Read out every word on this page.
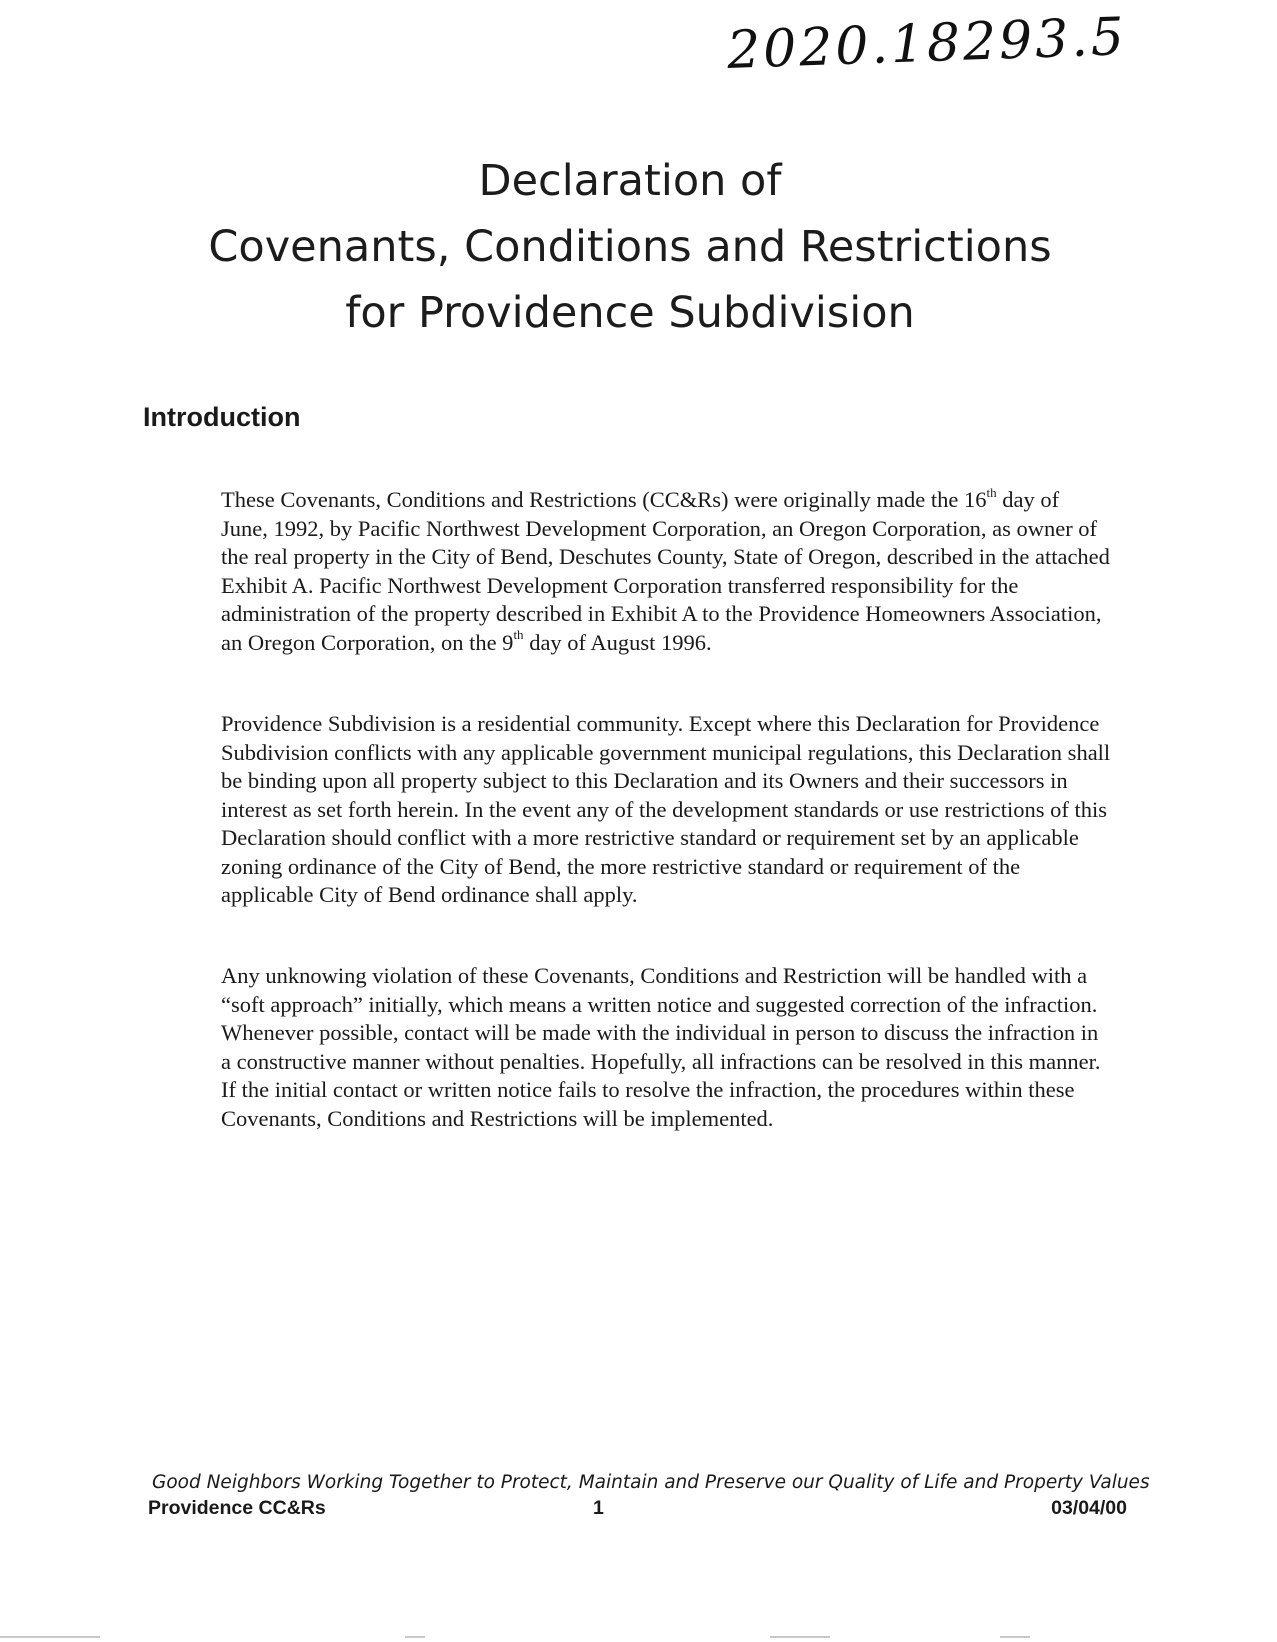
2020.18293.5
Declaration of
Covenants, Conditions and Restrictions
for Providence Subdivision
Introduction

These Covenants, Conditions and Restrictions (CC&Rs) were originally made the 16th day of June, 1992, by Pacific Northwest Development Corporation, an Oregon Corporation, as owner of the real property in the City of Bend, Deschutes County, State of Oregon, described in the attached Exhibit A. Pacific Northwest Development Corporation transferred responsibility for the administration of the property described in Exhibit A to the Providence Homeowners Association, an Oregon Corporation, on the 9th day of August 1996.

Providence Subdivision is a residential community. Except where this Declaration for Providence Subdivision conflicts with any applicable government municipal regulations, this Declaration shall be binding upon all property subject to this Declaration and its Owners and their successors in interest as set forth herein. In the event any of the development standards or use restrictions of this Declaration should conflict with a more restrictive standard or requirement set by an applicable zoning ordinance of the City of Bend, the more restrictive standard or requirement of the applicable City of Bend ordinance shall apply.

Any unknowing violation of these Covenants, Conditions and Restriction will be handled with a “soft approach” initially, which means a written notice and suggested correction of the infraction. Whenever possible, contact will be made with the individual in person to discuss the infraction in a constructive manner without penalties. Hopefully, all infractions can be resolved in this manner. If the initial contact or written notice fails to resolve the infraction, the procedures within these Covenants, Conditions and Restrictions will be implemented.

Good Neighbors Working Together to Protect, Maintain and Preserve our Quality of Life and Property Values
Providence CC&Rs	1	03/04/00
